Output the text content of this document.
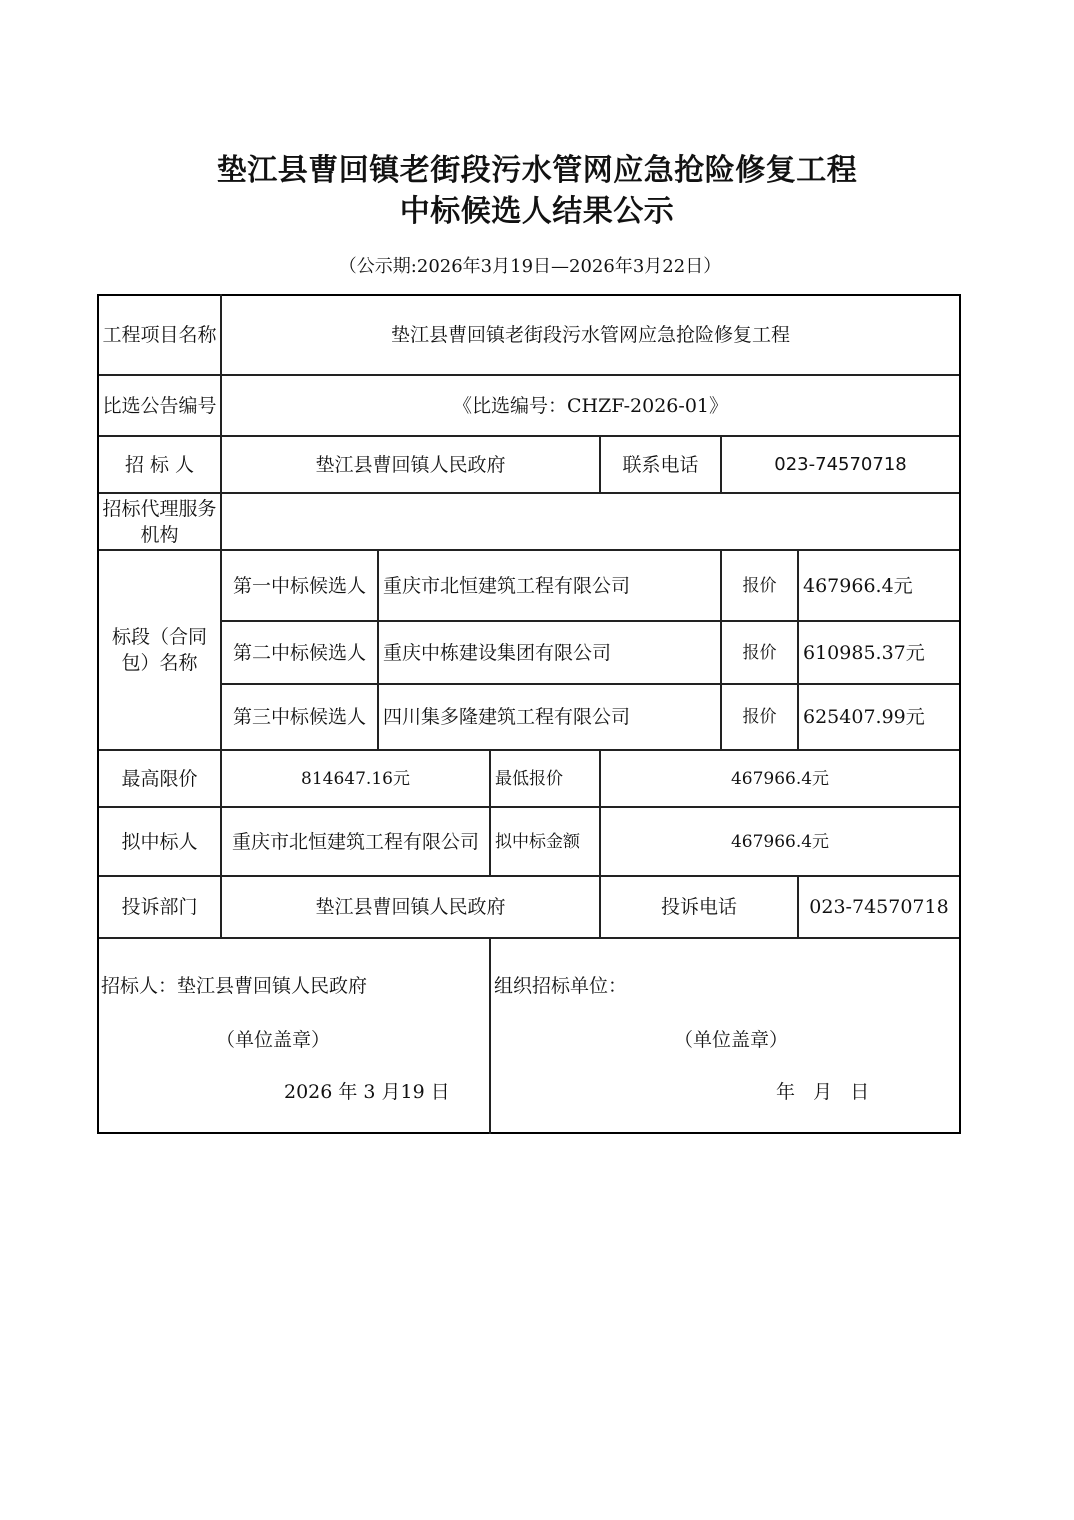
垫江县曹回镇老街段污水管网应急抢险修复工程
中标候选人结果公示
（公示期:2026年3月19日—2026年3月22日）
工程项目名称	垫江县曹回镇老街段污水管网应急抢险修复工程
比选公告编号	《比选编号：CHZF-2026-01》
招 标 人	垫江县曹回镇人民政府	联系电话	023-74570718
招标代理服务机构
标段（合同包）名称
第一中标候选人 重庆市北恒建筑工程有限公司	报价	467966.4元
第二中标候选人 重庆中栋建设集团有限公司	报价	610985.37元
第三中标候选人 四川集多隆建筑工程有限公司	报价	625407.99元
最高限价	814647.16元	最低报价	467966.4元
拟中标人	重庆市北恒建筑工程有限公司 拟中标金额	467966.4元
投诉部门	垫江县曹回镇人民政府	投诉电话	023-74570718
招标人：垫江县曹回镇人民政府
（单位盖章）
2026 年 3 月19 日
组织招标单位：
（单位盖章）
年   月   日
